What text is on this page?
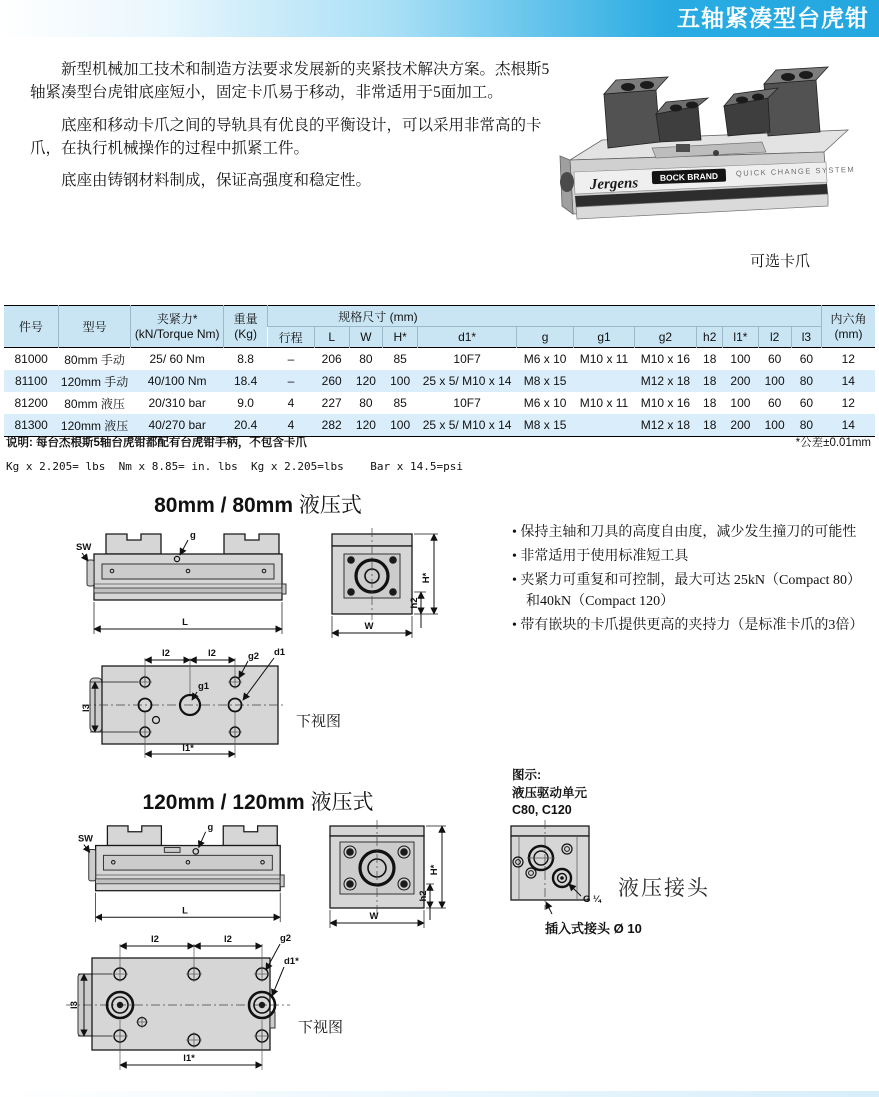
五轴紧凑型台虎钳

新型机械加工技术和制造方法要求发展新的夹紧技术解决方案。杰根斯5轴紧凑型台虎钳底座短小，固定卡爪易于移动，非常适用于5面加工。

底座和移动卡爪之间的导轨具有优良的平衡设计，可以采用非常高的卡爪，在执行机械操作的过程中抓紧工件。

底座由铸钢材料制成，保证高强度和稳定性。	Jergens	BOCK BRAND QUICK CHANGE SYSTEM
可选卡爪
件号	型号	夹紧力*
(kN/Torque Nm)	重量
(Kg)	规格尺寸 (mm)												内六角
(mm)

				行程	L	W	H*	d1*	g	g1	g2	h2	l1*	l2	l3	
81000	80mm 手动	25/ 60 Nm	8.8	–	206	80	85	10F7	M6 x 10	M10 x 11	M10 x 16	18	100	60	60	12
81100	120mm 手动	40/100 Nm	18.4	–	260	120	100	25 x 5/ M10 x 14	M8 x 15		M12 x 18	18	200	100	80	14
81200	80mm 液压	20/310 bar	9.0	4	227	80	85	10F7	M6 x 10	M10 x 11	M10 x 16	18	100	60	60	12
81300	120mm 液压	40/270 bar	20.4	4	282	120	100	25 x 5/ M10 x 14	M8 x 15		M12 x 18	18	200	100	80	14
说明: 每台杰根斯5轴台虎钳都配有台虎钳手柄，不包含卡爪	*公差±0.01mm
Kg x 2.205= lbs  Nm x 8.85= in. lbs  Kg x 2.205=lbs    Bar x 14.5=psi
80mm / 80mm 液压式
g
SW
L	W
H*
h2
l2	l2
l3
l1*
g1
g2 d1
下视图
• 保持主轴和刀具的高度自由度，减少发生撞刀的可能性
• 非常适用于使用标准短工具
• 夹紧力可重复和可控制，最大可达 25kN（Compact 80）和40kN（Compact 120）
• 带有嵌块的卡爪提供更高的夹持力（是标准卡爪的3倍）
120mm / 120mm 液压式
g
SW
L
W
H*
h2
l2	l2
l3
l1*
g2
d1*
下视图
图示:
液压驱动单元
C80, C120
G ¼ 液压接头
插入式接头 Ø 10
